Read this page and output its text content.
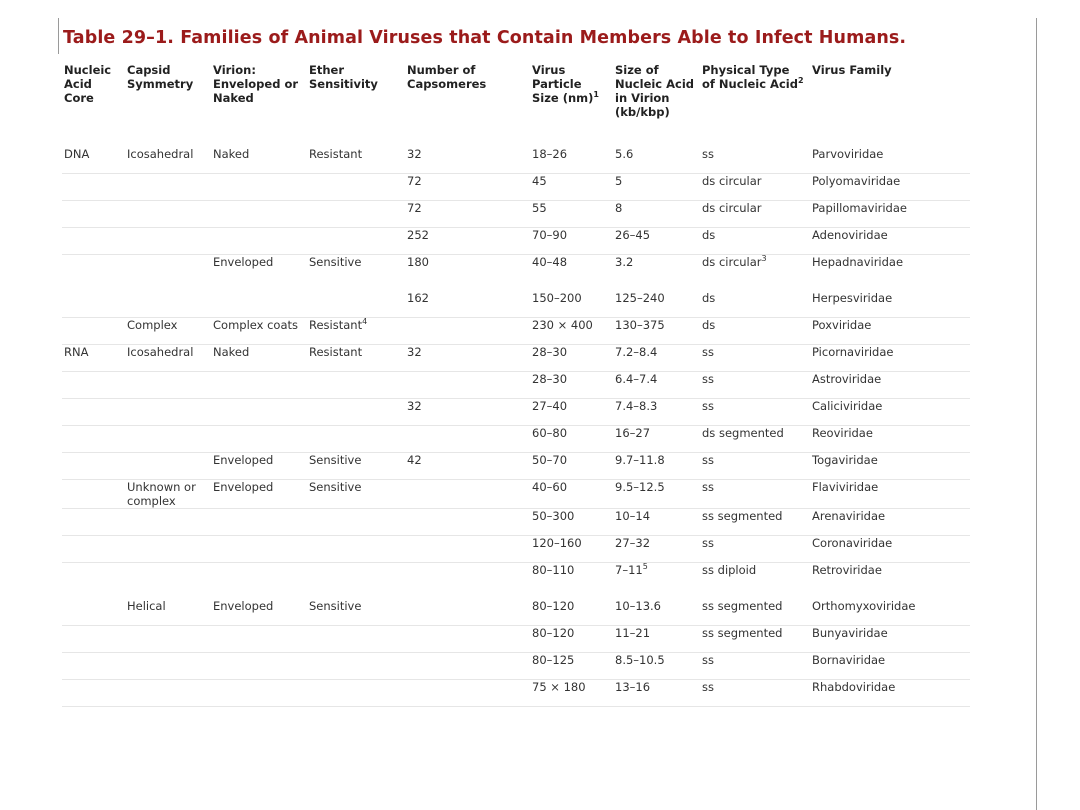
Table 29–1. Families of Animal Viruses that Contain Members Able to Infect Humans.
Nucleic Acid Core	Capsid Symmetry	Virion: Enveloped or Naked	Ether Sensitivity	Number of Capsomeres	Virus Particle Size (nm)$^1$	Size of Nucleic Acid in Virion (kb/kbp)	Physical Type of Nucleic Acid$^2$	Virus Family
DNA	Icosahedral	Naked	Resistant	32	18–26	5.6	ss	Parvoviridae
				72	45	5	ds circular	Polyomaviridae
				72	55	8	ds circular	Papillomaviridae
				252	70–90	26–45	ds	Adenoviridae
		Enveloped	Sensitive	180	40–48	3.2	ds circular$^3$	Hepadnaviridae
				162	150–200	125–240	ds	Herpesviridae
	Complex	Complex coats	Resistant$^4$		230 × 400	130–375	ds	Poxviridae
RNA	Icosahedral	Naked	Resistant	32	28–30	7.2–8.4	ss	Picornaviridae
					28–30	6.4–7.4	ss	Astroviridae
				32	27–40	7.4–8.3	ss	Caliciviridae
					60–80	16–27	ds segmented	Reoviridae
		Enveloped	Sensitive	42	50–70	9.7–11.8	ss	Togaviridae
	Unknown or complex	Enveloped	Sensitive		40–60	9.5–12.5	ss	Flaviviridae
					50–300	10–14	ss segmented	Arenaviridae
					120–160	27–32	ss	Coronaviridae
					80–110	$7-11^5$	ss diploid	Retroviridae
	Helical	Enveloped	Sensitive		80–120	10–13.6	ss segmented	Orthomyxoviridae
					80–120	11–21	ss segmented	Bunyaviridae
					80–125	8.5–10.5	ss	Bornaviridae
					75 × 180	13–16	ss	Rhabdoviridae
